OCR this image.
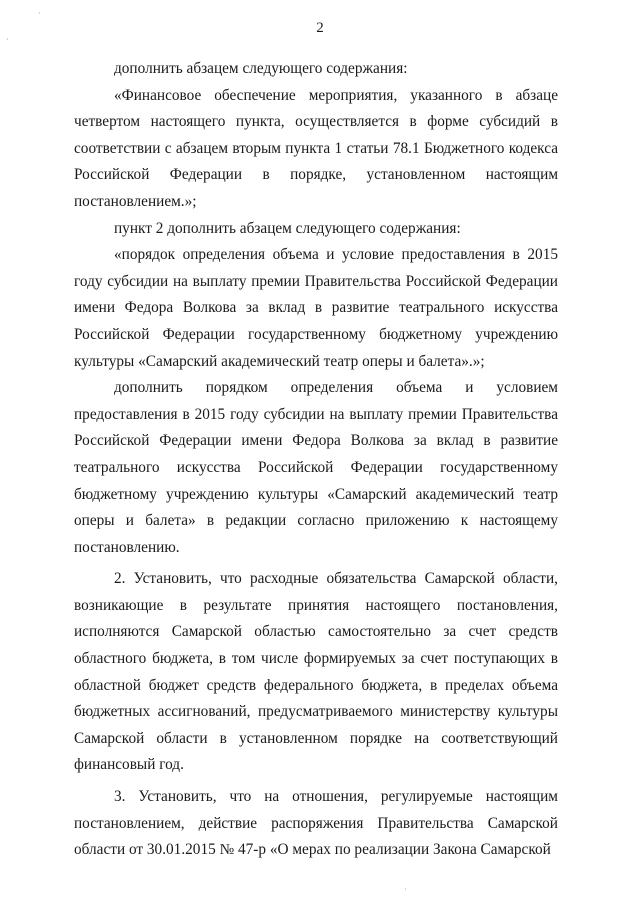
2

дополнить абзацем следующего содержания:

«Финансовое обеспечение мероприятия, указанного в абзаце четвертом настоящего пункта, осуществляется в форме субсидий в соответствии с абзацем вторым пункта 1 статьи 78.1 Бюджетного кодекса Российской Федерации в порядке, установленном настоящим постановлением.»;

пункт 2 дополнить абзацем следующего содержания:

«порядок определения объема и условие предоставления в 2015 году субсидии на выплату премии Правительства Российской Федерации имени Федора Волкова за вклад в развитие театрального искусства Российской Федерации государственному бюджетному учреждению культуры «Самарский академический театр оперы и балета».»;

дополнить порядком определения объема и условием предоставления в 2015 году субсидии на выплату премии Правительства Российской Федерации имени Федора Волкова за вклад в развитие театрального искусства Российской Федерации государственному бюджетному учреждению культуры «Самарский академический театр оперы и балета» в редакции согласно приложению к настоящему постановлению.

2. Установить, что расходные обязательства Самарской области, возникающие в результате принятия настоящего постановления, исполняются Самарской областью самостоятельно за счет средств областного бюджета, в том числе формируемых за счет поступающих в областной бюджет средств федерального бюджета, в пределах объема бюджетных ассигнований, предусматриваемого министерству культуры Самарской области в установленном порядке на соответствующий финансовый год.

3. Установить, что на отношения, регулируемые настоящим постановлением, действие распоряжения Правительства Самарской области от 30.01.2015 № 47-р «О мерах по реализации Закона Самарской

·
·
·
